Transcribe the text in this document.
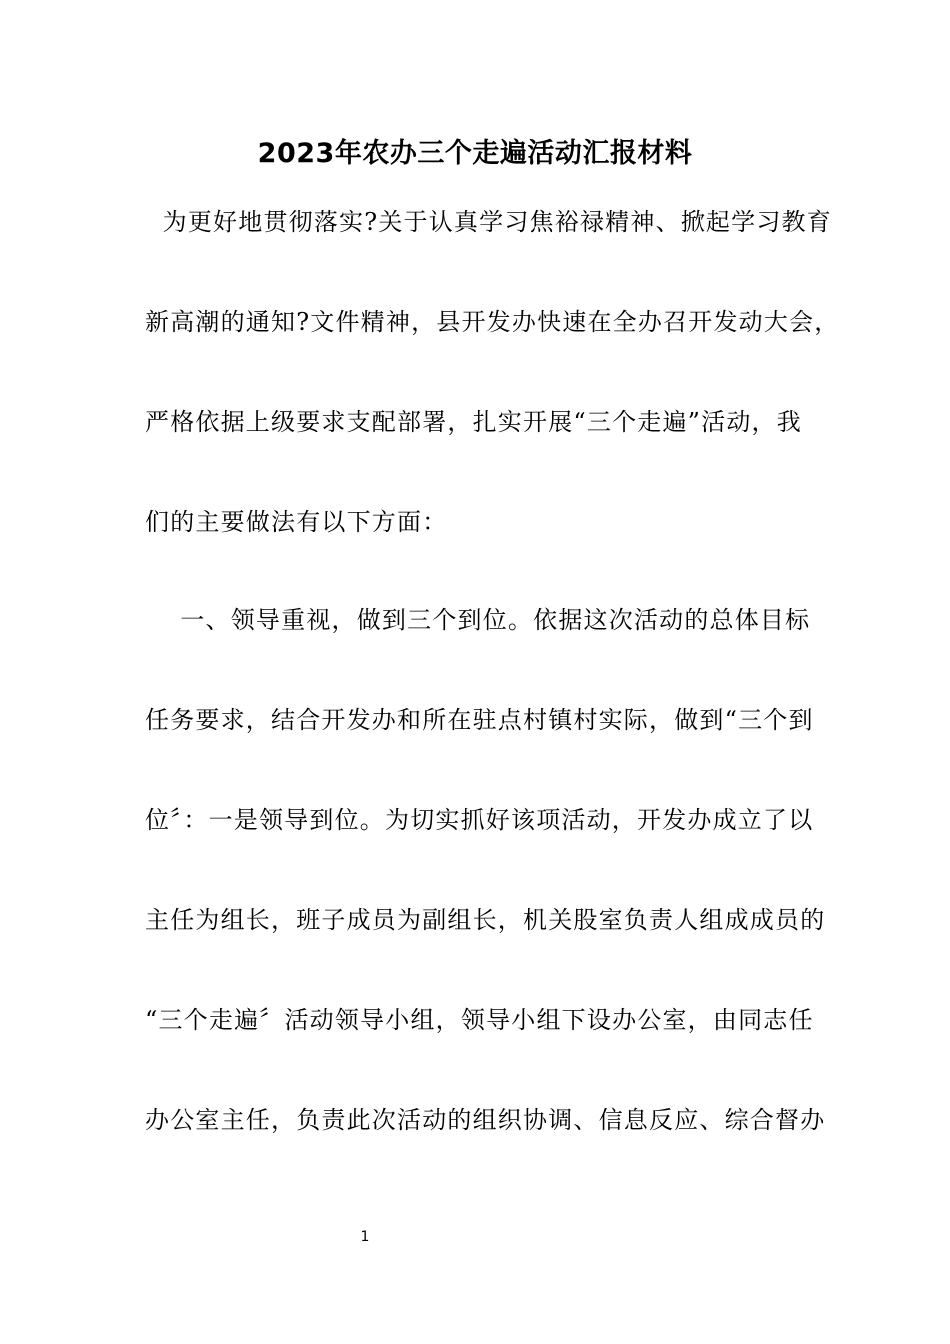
2023年农办三个走遍活动汇报材料
为更好地贯彻落实?关于认真学习焦裕禄精神、掀起学习教育
新高潮的通知?文件精神，县开发办快速在全办召开发动大会，
严格依据上级要求支配部署，扎实开展“三个走遍”活动，我
们的主要做法有以下方面：
一、领导重视，做到三个到位。依据这次活动的总体目标
任务要求，结合开发办和所在驻点村镇村实际，做到“三个到
位〞：一是领导到位。为切实抓好该项活动，开发办成立了以
主任为组长，班子成员为副组长，机关股室负责人组成成员的
“三个走遍〞活动领导小组，领导小组下设办公室，由同志任
办公室主任，负责此次活动的组织协调、信息反应、综合督办
1
